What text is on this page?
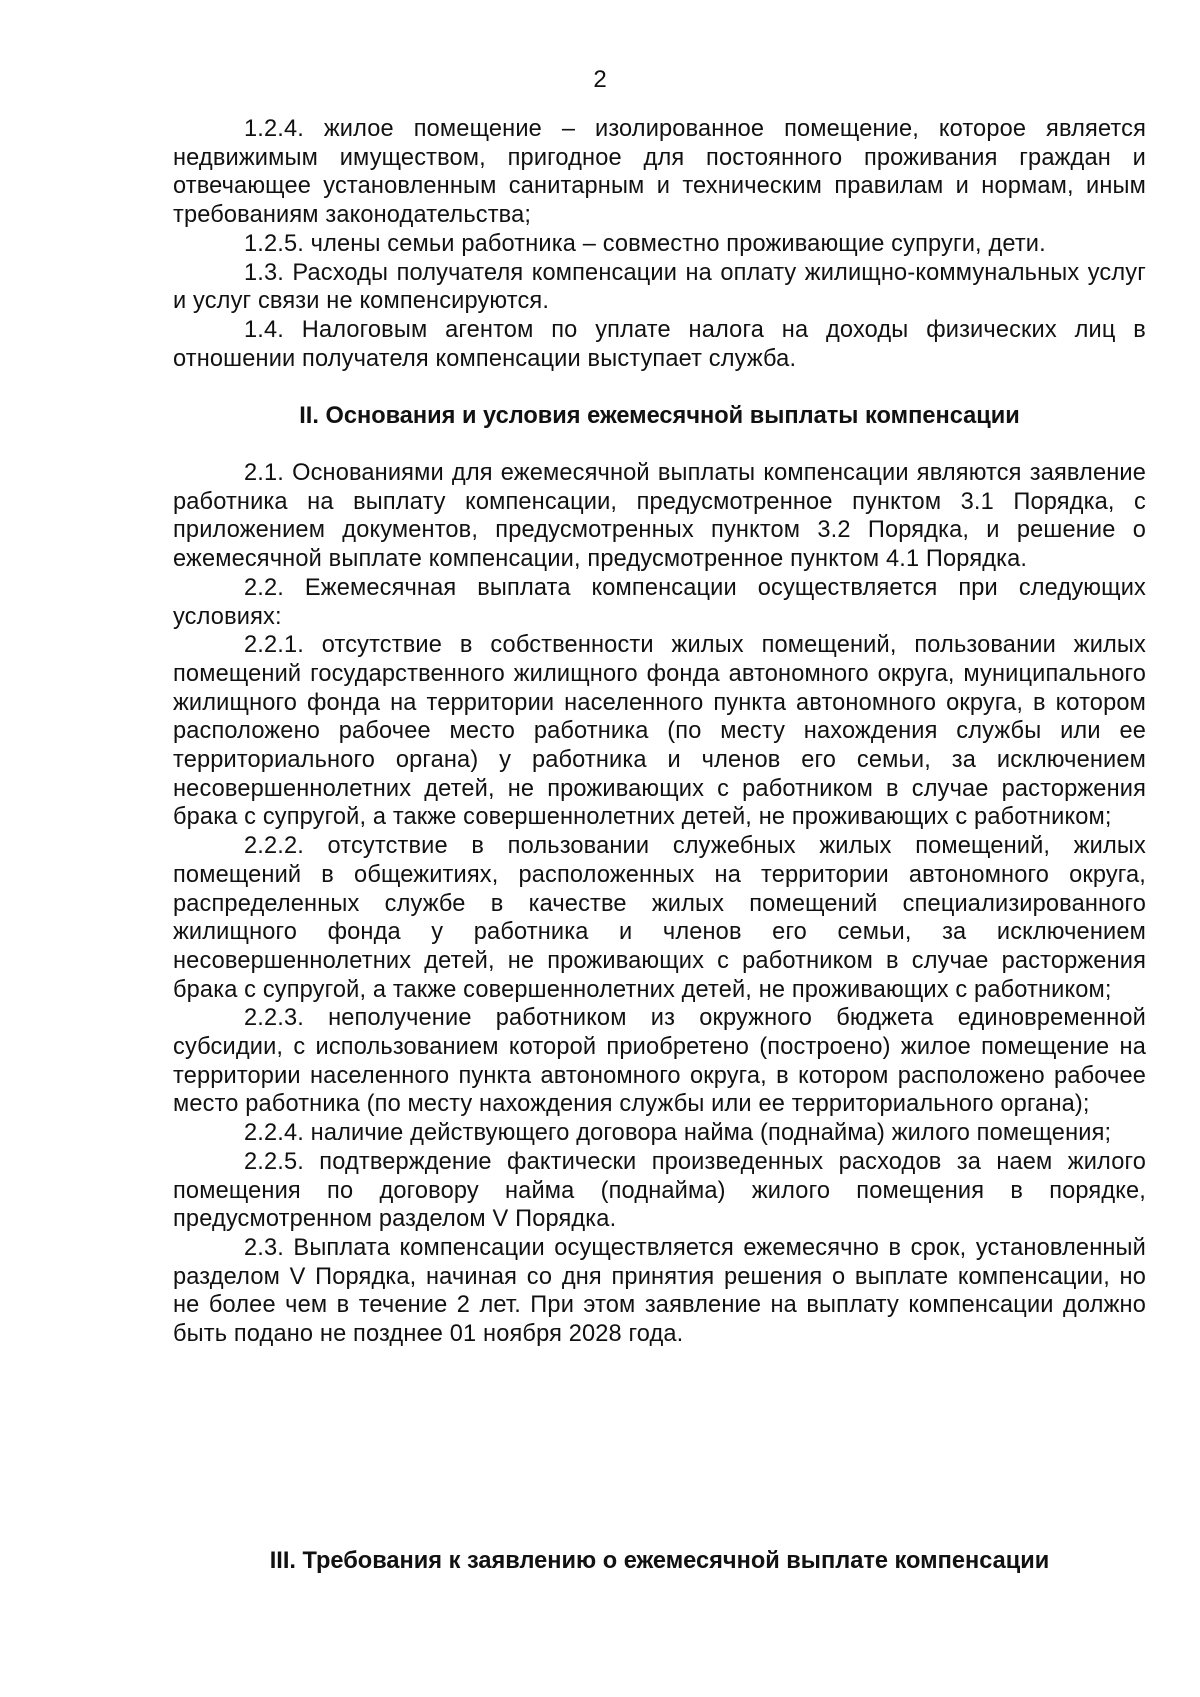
2

1.2.4. жилое помещение – изолированное помещение, которое является недвижимым имуществом, пригодное для постоянного проживания граждан и отвечающее установленным санитарным и техническим правилам и нормам, иным требованиям законодательства;

1.2.5. члены семьи работника – совместно проживающие супруги, дети.

1.3. Расходы получателя компенсации на оплату жилищно-коммунальных услуг и услуг связи не компенсируются.

1.4. Налоговым агентом по уплате налога на доходы физических лиц в отношении получателя компенсации выступает служба.

II. Основания и условия ежемесячной выплаты компенсации

2.1. Основаниями для ежемесячной выплаты компенсации являются заявление работника на выплату компенсации, предусмотренное пунктом 3.1 Порядка, с приложением документов, предусмотренных пунктом 3.2 Порядка, и решение о ежемесячной выплате компенсации, предусмотренное пунктом 4.1 Порядка.

2.2. Ежемесячная выплата компенсации осуществляется при следующих условиях:

2.2.1. отсутствие в собственности жилых помещений, пользовании жилых помещений государственного жилищного фонда автономного округа, муниципального жилищного фонда на территории населенного пункта автономного округа, в котором расположено рабочее место работника (по месту нахождения службы или ее территориального органа) у работника и членов его семьи, за исключением несовершеннолетних детей, не проживающих с работником в случае расторжения брака с супругой, а также совершеннолетних детей, не проживающих с работником;

2.2.2. отсутствие в пользовании служебных жилых помещений, жилых помещений в общежитиях, расположенных на территории автономного округа, распределенных службе в качестве жилых помещений специализированного жилищного фонда у работника и членов его семьи, за исключением несовершеннолетних детей, не проживающих с работником в случае расторжения брака с супругой, а также совершеннолетних детей, не проживающих с работником;

2.2.3. неполучение работником из окружного бюджета единовременной субсидии, с использованием которой приобретено (построено) жилое помещение на территории населенного пункта автономного округа, в котором расположено рабочее место работника (по месту нахождения службы или ее территориального органа);

2.2.4. наличие действующего договора найма (поднайма) жилого помещения;

2.2.5. подтверждение фактически произведенных расходов за наем жилого помещения по договору найма (поднайма) жилого помещения в порядке, предусмотренном разделом V Порядка.

2.3. Выплата компенсации осуществляется ежемесячно в срок, установленный разделом V Порядка, начиная со дня принятия решения о выплате компенсации, но не более чем в течение 2 лет. При этом заявление на выплату компенсации должно быть подано не позднее 01 ноября 2028 года.

III. Требования к заявлению о ежемесячной выплате компенсации
